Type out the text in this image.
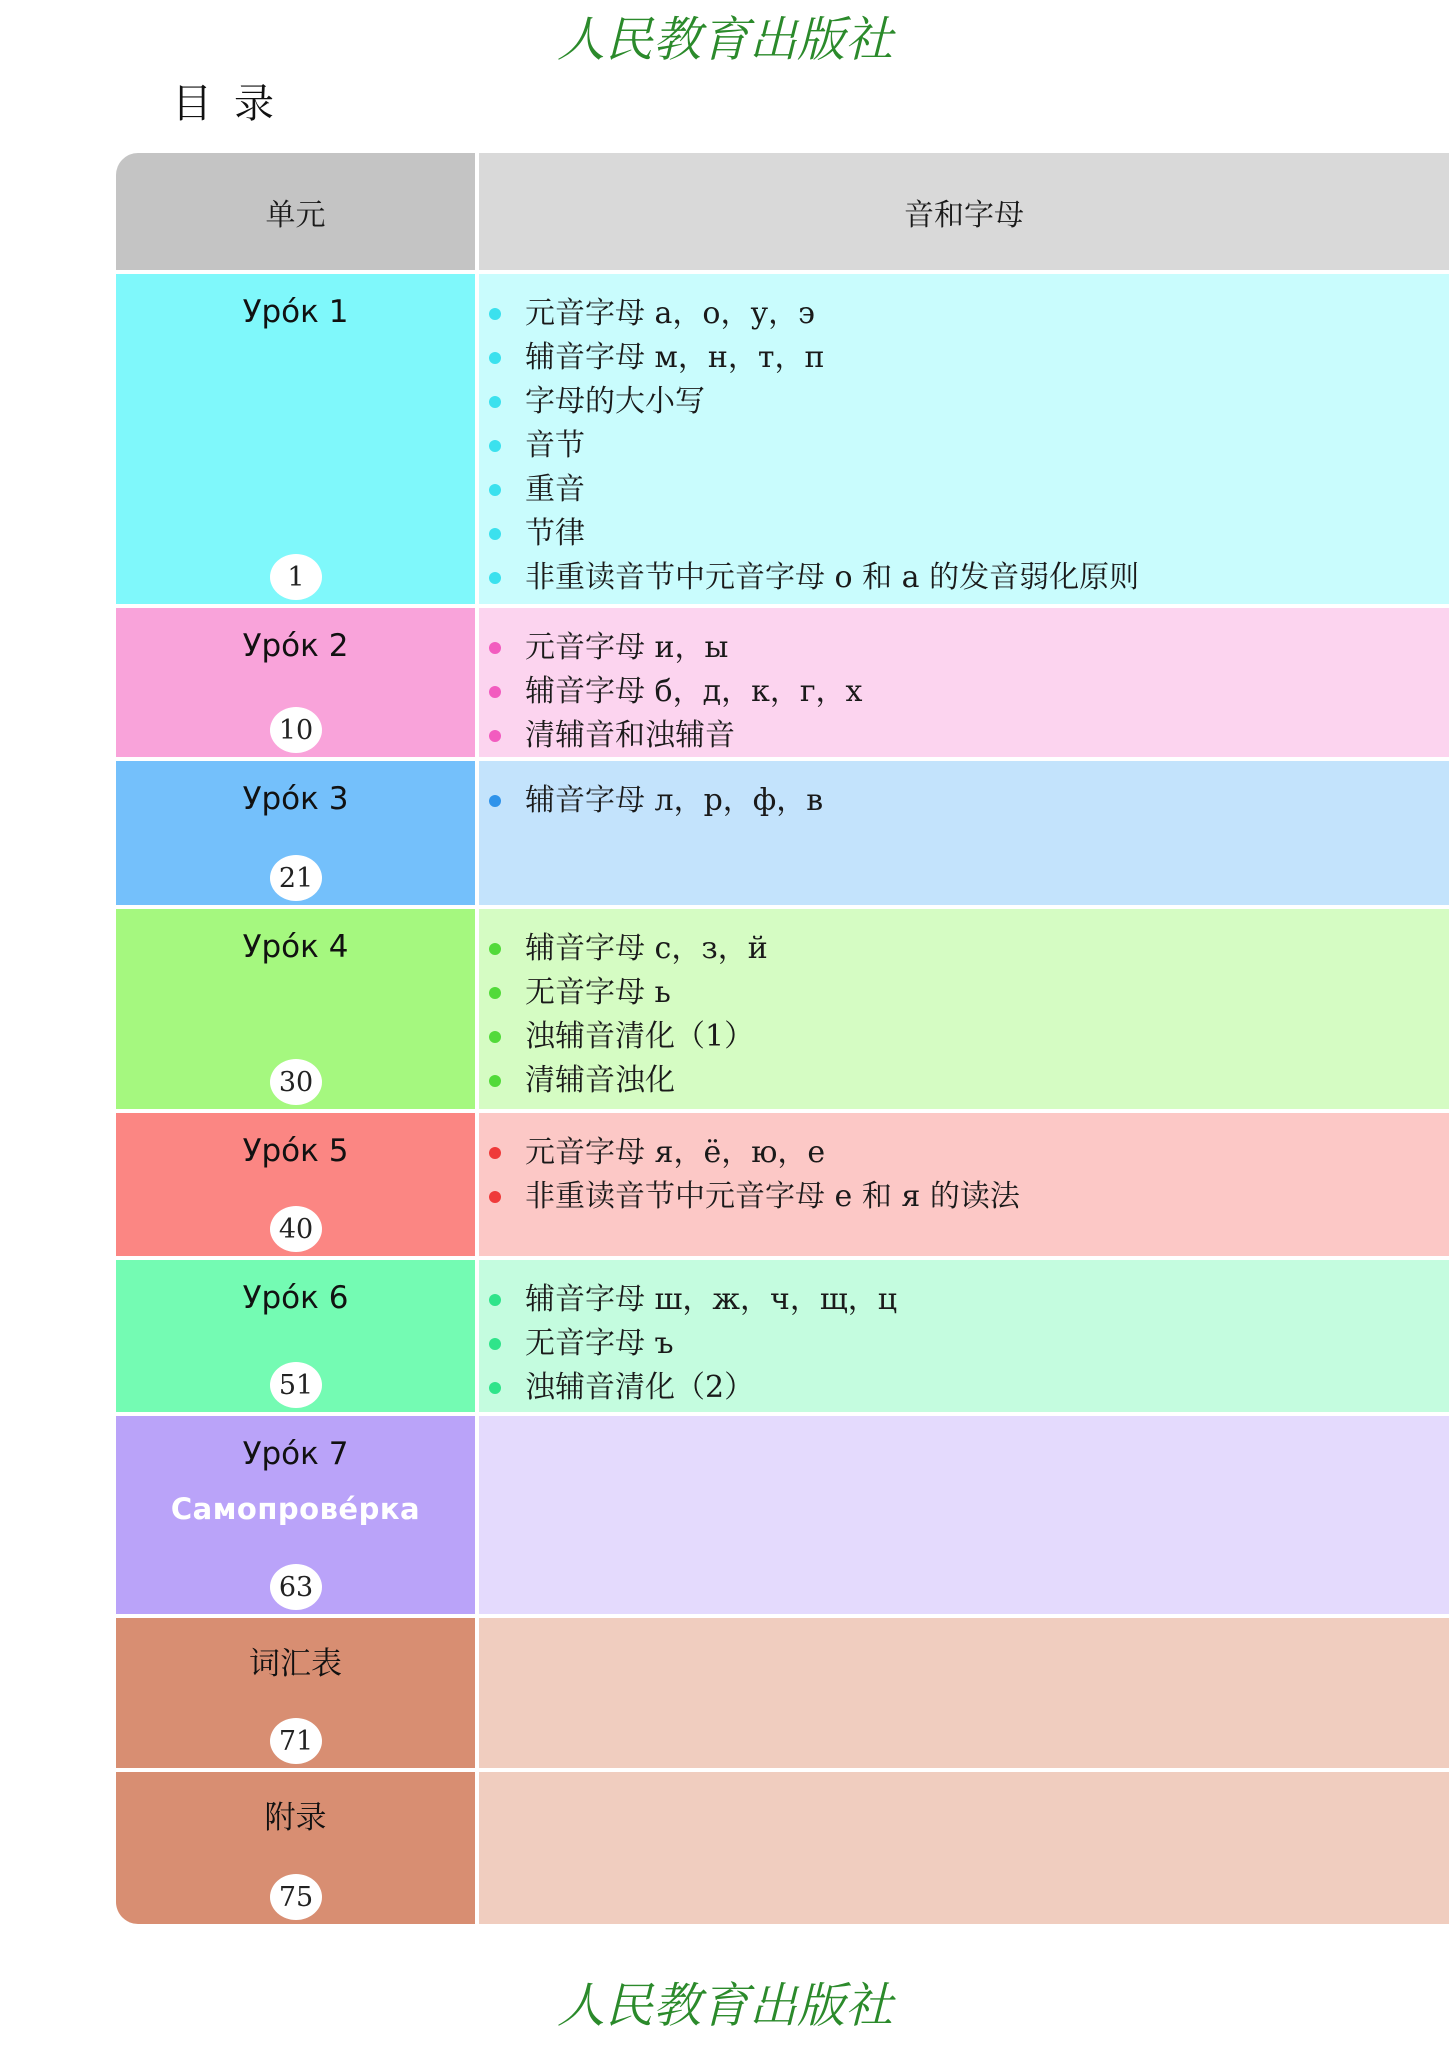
人民教育出版社
目录
单元	音和字母
Урóк 1
1
元音字母 а，о，у，э
辅音字母 м，н，т，п
字母的大小写
音节
重音
节律
非重读音节中元音字母 о 和 а 的发音弱化原则
Урóк 2
10
元音字母 и，ы
辅音字母 б，д，к，г，х
清辅音和浊辅音
Урóк 3
21
辅音字母 л，р，ф，в
Урóк 4
30
辅音字母 с，з，й
无音字母 ь
浊辅音清化（1）
清辅音浊化
Урóк 5
40
元音字母 я，ё，ю，е
非重读音节中元音字母 е 和 я 的读法
Урóк 6
51
辅音字母 ш，ж，ч，щ，ц
无音字母 ъ
浊辅音清化（2）
Урóк 7
Самопровéрка
63
词汇表
71
附录
75
人民教育出版社
